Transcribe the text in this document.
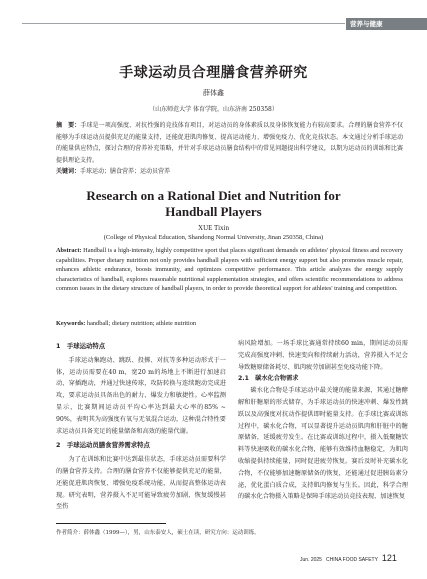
营养与健康
手球运动员合理膳食营养研究
薛体鑫
（山东师范大学 体育学院，山东济南 250358）
摘　要：手球是一项高强度、对抗性强的竞技体育项目，对运动员的身体素质以及身体恢复能力有较高要求。合理的膳食营养不仅能够为手球运动员提供充足的能量支持，还能促进肌肉修复、提高运动能力、增强免疫力、优化竞技状态。本文通过分析手球运动的能量供应特点，探讨合理的营养补充策略，并针对手球运动员膳食结构中的常见问题提出科学建议，以期为运动员的训练和比赛提供理论支持。
关键词：手球运动；膳食营养；运动员营养
Research on a Rational Diet and Nutrition for
Handball Players
XUE Tixin
(College of Physical Education, Shandong Normal University, Jinan 250358, China)
Abstract: Handball is a high-intensity, highly competitive sport that places significant demands on athletes' physical fitness and recovery capabilities. Proper dietary nutrition not only provides handball players with sufficient energy support but also promotes muscle repair, enhances athletic endurance, boosts immunity, and optimizes competitive performance. This article analyzes the energy supply characteristics of handball, explores reasonable nutritional supplementation strategies, and offers scientific recommendations to address common issues in the dietary structure of handball players, in order to provide theoretical support for athletes' training and competition.
Keywords: handball; dietary nutrition; athlete nutrition

1　手球运动特点

手球运动集跑动、跳跃、投掷、对抗等多种运动形式于一体，运动员需要在40 m，宽20 m的场地上不断进行加速启动、穿插跑动，并通过快速传球，攻防转换与连续跑动完成进攻，要求运动员具备出色的耐力、爆发力和敏捷性。心率监测显示，比赛期间运动员平均心率达到最大心率的85% ~ 90%，表明其为高强度有氧与无氧混合运动，这种混合特性要求运动员具备充足的能量储备和高效的能量代谢。

2　手球运动员膳食营养需求特点

为了在训练和比赛中达到最佳状态，手球运动员需要科学的膳食营养支持。合理的膳食营养不仅能够提供充足的能量，还能促进肌肉恢复、增强免疫系统功能，从而提高整体运动表现。研究表明，营养摄入不足可能导致疲劳加剧、恢复缓慢甚至伤

病风险增加。一场手球比赛通常持续60 min，期间运动员需完成高强度冲刺、快速变向和持续耐力活动，营养摄入不足会导致糖原储备耗尽、肌肉疲劳加剧甚至免疫功能下降。

2.1　碳水化合物需求

碳水化合物是手球运动中最关键的能量来源，其通过糖酵解和肝糖原的形式储存，为手球运动员的快速冲刺、爆发性跳跃以及高强度对抗动作提供即时能量支持。在手球比赛或训练过程中，碳水化合物，可以显著提升运动员肌肉和肝脏中的糖原储备，延缓疲劳发生。在比赛或训练过程中，摄入低聚糖饮料等快速吸收的碳水化合物，能够有效维持血糖稳定，为肌肉收缩提供持续能量，同时促进疲劳恢复。赛后及时补充碳水化合物，不仅能够加速糖原储备的恢复，还能通过促进胰岛素分泌，优化蛋白质合成，支持肌肉修复与生长。因此，科学合理的碳水化合物摄入策略是保障手球运动员竞技表现、加速恢复

作者简介：薛体鑫（1999—），男，山东泰安人，硕士在读，研究方向：运动训练。
Jun. 2025 CHINA FOOD SAFETY 121
